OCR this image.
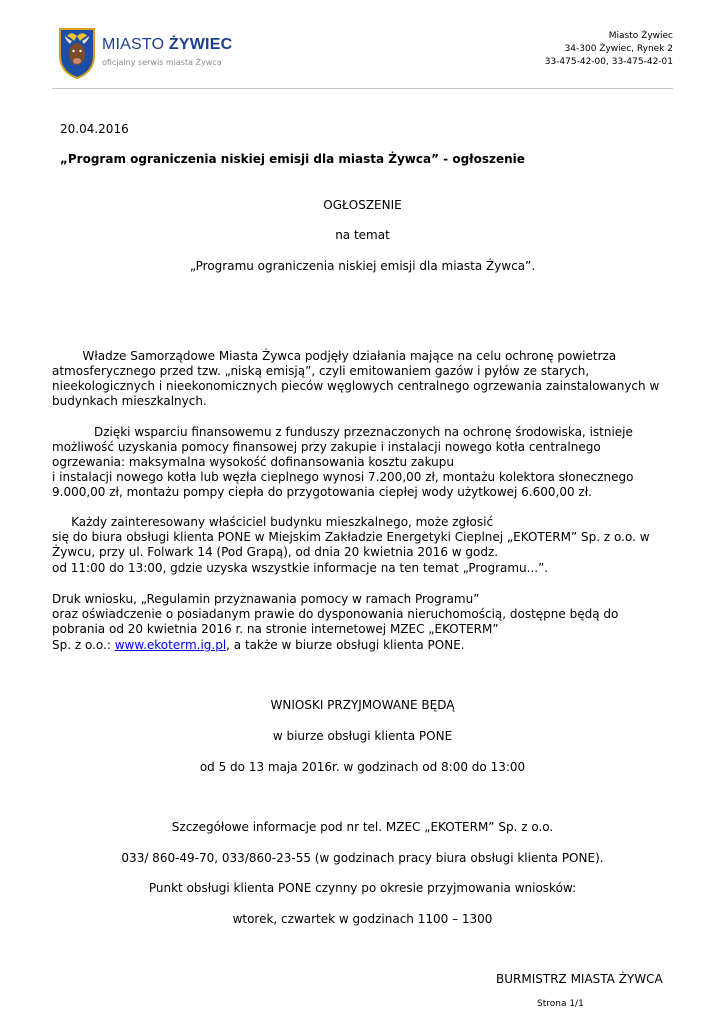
MIASTO ŻYWIEC
oficjalny serwis miasta Żywca
Miasto Żywiec
34-300 Żywiec, Rynek 2
33-475-42-00, 33-475-42-01
20.04.2016
„Program ograniczenia niskiej emisji dla miasta Żywca” - ogłoszenie
OGŁOSZENIE
na temat
„Programu ograniczenia niskiej emisji dla miasta Żywca”.
Władze Samorządowe Miasta Żywca podjęły działania mające na celu ochronę powietrza
atmosferycznego przed tzw. „niską emisją”, czyli emitowaniem gazów i pyłów ze starych,
nieekologicznych i nieekonomicznych pieców węglowych centralnego ogrzewania zainstalowanych w
budynkach mieszkalnych.
Dzięki wsparciu finansowemu z funduszy przeznaczonych na ochronę środowiska, istnieje
możliwość uzyskania pomocy finansowej przy zakupie i instalacji nowego kotła centralnego
ogrzewania: maksymalna wysokość dofinansowania kosztu zakupu
i instalacji nowego kotła lub węzła cieplnego wynosi 7.200,00 zł, montażu kolektora słonecznego
9.000,00 zł, montażu pompy ciepła do przygotowania ciepłej wody użytkowej 6.600,00 zł.
Każdy zainteresowany właściciel budynku mieszkalnego, może zgłosić
się do biura obsługi klienta PONE w Miejskim Zakładzie Energetyki Cieplnej „EKOTERM” Sp. z o.o. w
Żywcu, przy ul. Folwark 14 (Pod Grapą), od dnia 20 kwietnia 2016 w godz.
od 11:00 do 13:00, gdzie uzyska wszystkie informacje na ten temat „Programu...”.
Druk wniosku, „Regulamin przyznawania pomocy w ramach Programu”
oraz oświadczenie o posiadanym prawie do dysponowania nieruchomością, dostępne będą do
pobrania od 20 kwietnia 2016 r. na stronie internetowej MZEC „EKOTERM”
Sp. z o.o.: www.ekoterm.ig.pl, a także w biurze obsługi klienta PONE.
WNIOSKI PRZYJMOWANE BĘDĄ
w biurze obsługi klienta PONE
od 5 do 13 maja 2016r. w godzinach od 8:00 do 13:00
Szczegółowe informacje pod nr tel. MZEC „EKOTERM” Sp. z o.o.
033/ 860-49-70, 033/860-23-55 (w godzinach pracy biura obsługi klienta PONE).
Punkt obsługi klienta PONE czynny po okresie przyjmowania wniosków:
wtorek, czwartek w godzinach 1100 – 1300
BURMISTRZ MIASTA ŻYWCA
Strona 1/1
